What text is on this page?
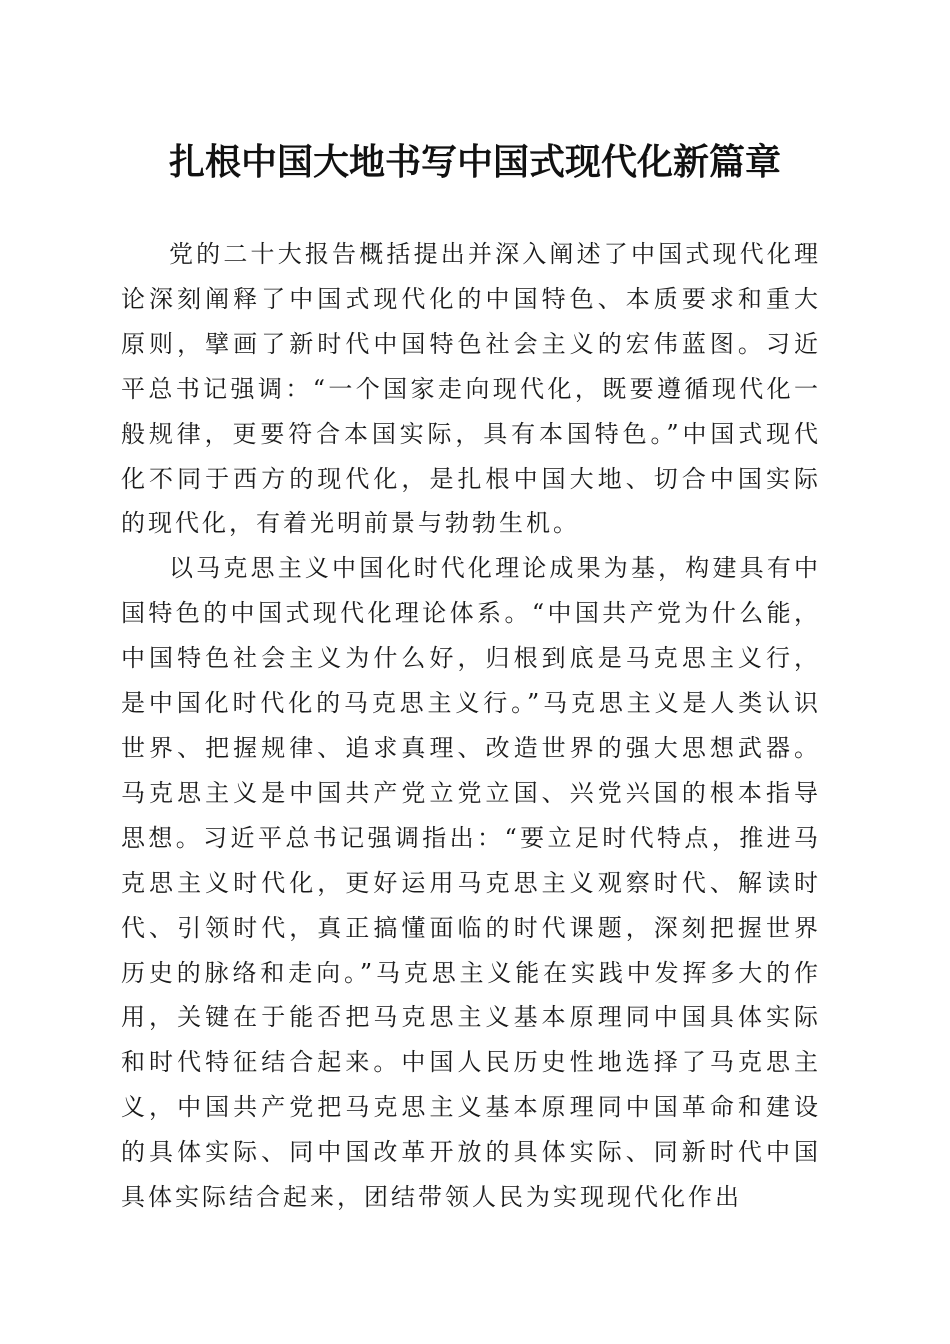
扎根中国大地书写中国式现代化新篇章

党的二十大报告概括提出并深入阐述了中国式现代化理论深刻阐释了中国式现代化的中国特色、本质要求和重大原则，擘画了新时代中国特色社会主义的宏伟蓝图。习近平总书记强调：“一个国家走向现代化，既要遵循现代化一般规律，更要符合本国实际，具有本国特色。”中国式现代化不同于西方的现代化，是扎根中国大地、切合中国实际的现代化，有着光明前景与勃勃生机。

以马克思主义中国化时代化理论成果为基，构建具有中国特色的中国式现代化理论体系。“中国共产党为什么能，中国特色社会主义为什么好，归根到底是马克思主义行，是中国化时代化的马克思主义行。”马克思主义是人类认识世界、把握规律、追求真理、改造世界的强大思想武器。马克思主义是中国共产党立党立国、兴党兴国的根本指导思想。习近平总书记强调指出：“要立足时代特点，推进马克思主义时代化，更好运用马克思主义观察时代、解读时代、引领时代，真正搞懂面临的时代课题，深刻把握世界历史的脉络和走向。”马克思主义能在实践中发挥多大的作用，关键在于能否把马克思主义基本原理同中国具体实际和时代特征结合起来。中国人民历史性地选择了马克思主义，中国共产党把马克思主义基本原理同中国革命和建设的具体实际、同中国改革开放的具体实际、同新时代中国具体实际结合起来，团结带领人民为实现现代化作出
